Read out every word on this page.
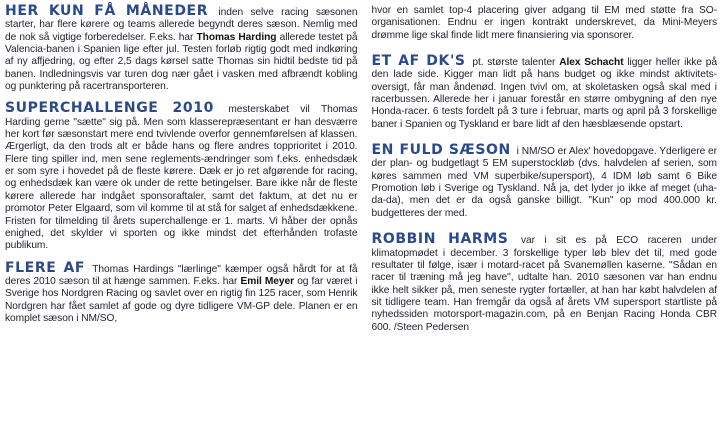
HER KUN FÅ MÅNEDER inden selve racing sæsonen starter, har flere kørere og teams allerede begyndt deres sæson. Nemlig med de nok så vigtige forberedelser. F.eks. har Thomas Harding allerede testet på Valencia-banen i Spanien lige efter jul. Testen forløb rigtig godt med indkøring af ny affjedring, og efter 2,5 dags kørsel satte Thomas sin hidtil bedste tid på banen. Indledningsvis var turen dog nær gået i vasken med afbrændt kobling og punktering på racertransporteren.

SUPERCHALLENGE 2010 mesterskabet vil Thomas Harding gerne "sætte" sig på. Men som klasserepræsentant er han desværre her kort før sæsonstart mere end tvivlende overfor gennemførelsen af klassen. Ærgerligt, da den trods alt er både hans og flere andres topprioritet i 2010. Flere ting spiller ind, men sene reglements-ændringer som f.eks. enhedsdæk er som syre i hovedet på de fleste kørere. Dæk er jo ret afgørende for racing, og enhedsdæk kan være ok under de rette betingelser. Bare ikke når de fleste kørere allerede har indgået sponsoraftaler, samt det faktum, at det nu er promotor Peter Elgaard, som vil komme til at stå for salget af enhedsdækkene. Fristen for tilmelding til årets superchallenge er 1. marts. Vi håber der opnås enighed, det skylder vi sporten og ikke mindst det efterhånden trofaste publikum.

FLERE AF Thomas Hardings "lærlinge" kæmper også hårdt for at få deres 2010 sæson til at hænge sammen. F.eks. har Emil Meyer og far været i Sverige hos Nordgren Racing og savlet over en rigtig fin 125 racer, som Henrik Nordgren har fået samlet af gode og dyre tidligere VM-GP dele. Planen er en komplet sæson i NM/SO,

hvor en samlet top-4 placering giver adgang til EM med støtte fra SO-organisationen. Endnu er ingen kontrakt underskrevet, da Mini-Meyers drømme lige skal finde lidt mere finansiering via sponsorer.

ET AF DK'S pt. største talenter Alex Schacht ligger heller ikke på den lade side. Kigger man lidt på hans budget og ikke mindst aktivitets-oversigt, får man åndenød. Ingen tvivl om, at skoletasken også skal med i racerbussen. Allerede her i januar forestår en større ombygning af den nye Honda-racer. 6 tests fordelt på 3 ture i februar, marts og april på 3 forskellige baner i Spanien og Tyskland er bare lidt af den hæsblæsende opstart.

EN FULD SÆSON i NM/SO er Alex' hovedopgave. Yderligere er der plan- og budgetlagt 5 EM superstockløb (dvs. halvdelen af serien, som køres sammen med VM superbike/supersport), 4 IDM løb samt 6 Bike Promotion løb i Sverige og Tyskland. Nå ja, det lyder jo ikke af meget (uha-da-da), men det er da også ganske billigt. "Kun" op mod 400.000 kr. budgetteres der med.

ROBBIN HARMS var i sit es på ECO raceren under klimatopmødet i december. 3 forskellige typer løb blev det til, med gode resultater til følge, især i motard-racet på Svanemøllen kaserne. "Sådan en racer til træning må jeg have", udtalte han. 2010 sæsonen var han endnu ikke helt sikker på, men seneste rygter fortæller, at han har købt halvdelen af sit tidligere team. Han fremgår da også af årets VM supersport startliste på nyhedssiden motorsport-magazin.com, på en Benjan Racing Honda CBR 600. /Steen Pedersen
